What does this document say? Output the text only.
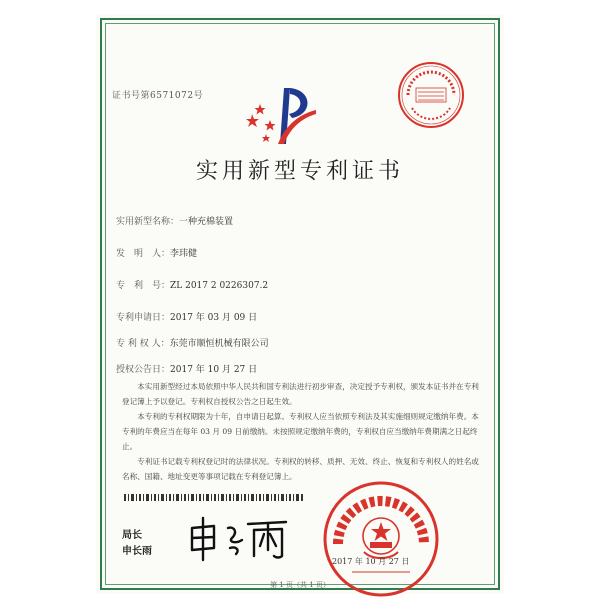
证书号第6571072号
实用新型专利证书
实用新型名称：一种充棉装置
发　明　人：李玮健
专　利　号：ZL 2017 2 0226307.2
专利申请日：2017 年 03 月 09 日
专 利 权 人：东莞市顺恒机械有限公司
授权公告日：2017 年 10 月 27 日

本实用新型经过本局依照中华人民共和国专利法进行初步审查，决定授予专利权，颁发本证书并在专利登记簿上予以登记。专利权自授权公告之日起生效。

本专利的专利权期限为十年，自申请日起算。专利权人应当依照专利法及其实施细则规定缴纳年费。本专利的年费应当在每年 03 月 09 日前缴纳。未按照规定缴纳年费的，专利权自应当缴纳年费期满之日起终止。

专利证书记载专利权登记时的法律状况。专利权的转移、质押、无效、终止、恢复和专利权人的姓名或名称、国籍、地址变更等事项记载在专利登记簿上。

局长
申长雨
2017 年 10 月 27 日
第 1 页（共 1 页）
